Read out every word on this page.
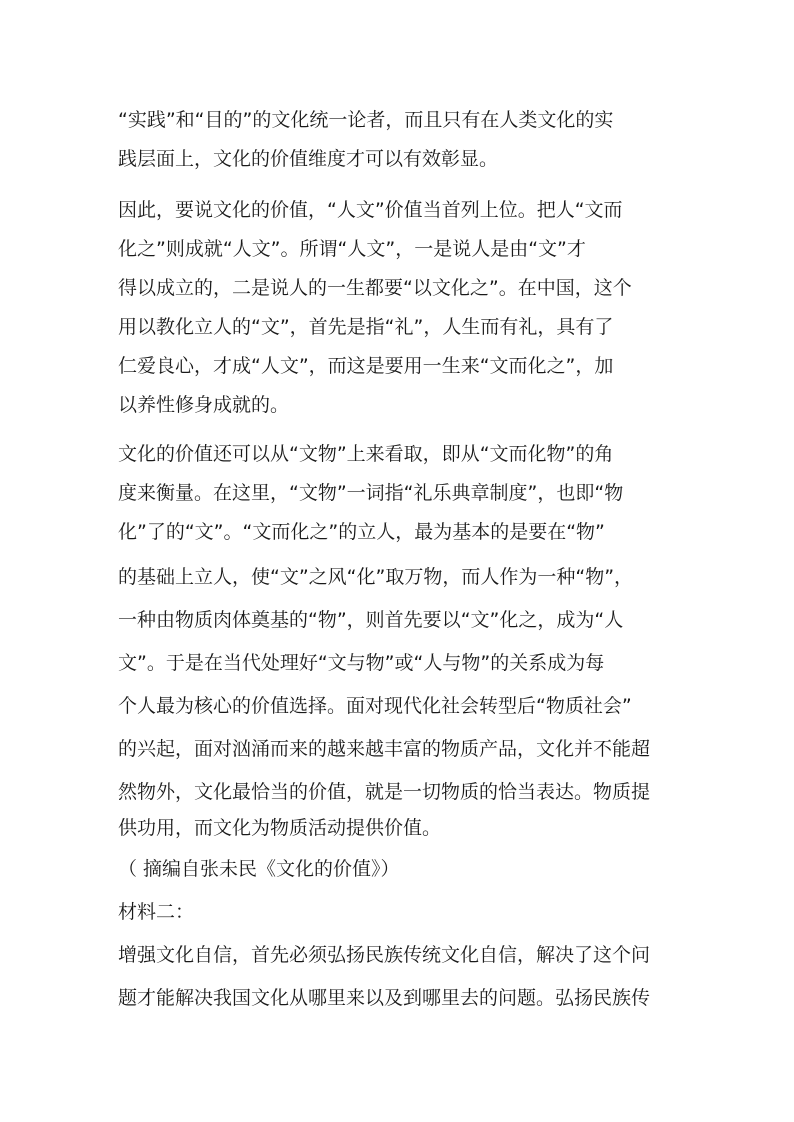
“实践”和“目的”的文化统一论者，而且只有在人类文化的实
践层面上，文化的价值维度才可以有效彰显。
因此，要说文化的价值，“人文”价值当首列上位。把人“文而
化之”则成就“人文”。所谓“人文”，一是说人是由“文”才
得以成立的，二是说人的一生都要“以文化之”。在中国，这个
用以教化立人的“文”，首先是指“礼”，人生而有礼，具有了
仁爱良心，才成“人文”，而这是要用一生来“文而化之”，加
以养性修身成就的。
文化的价值还可以从“文物”上来看取，即从“文而化物”的角
度来衡量。在这里，“文物”一词指“礼乐典章制度”，也即“物
化”了的“文”。“文而化之”的立人，最为基本的是要在“物”
的基础上立人，使“文”之风“化”取万物，而人作为一种“物”，
一种由物质肉体奠基的“物”，则首先要以“文”化之，成为“人
文”。于是在当代处理好“文与物”或“人与物”的关系成为每
个人最为核心的价值选择。面对现代化社会转型后“物质社会”
的兴起，面对汹涌而来的越来越丰富的物质产品，文化并不能超
然物外，文化最恰当的价值，就是一切物质的恰当表达。物质提
供功用，而文化为物质活动提供价值。
（ 摘编自张未民《文化的价值》）
材料二：
增强文化自信，首先必须弘扬民族传统文化自信，解决了这个问
题才能解决我国文化从哪里来以及到哪里去的问题。弘扬民族传
